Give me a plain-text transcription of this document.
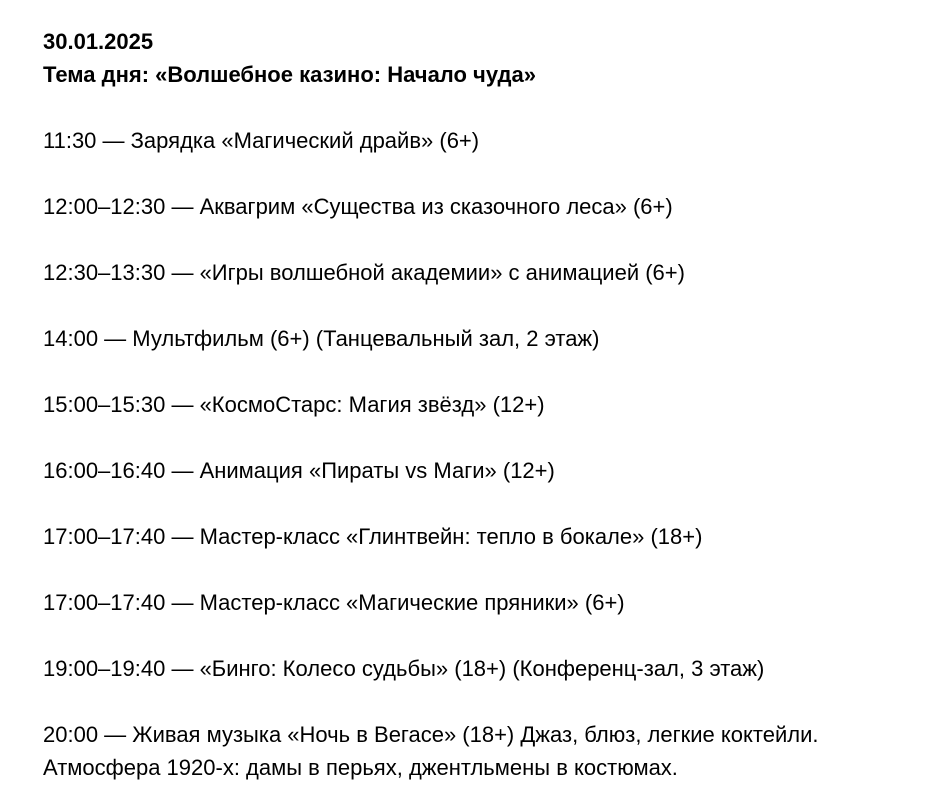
30.01.2025

Тема дня: «Волшебное казино: Начало чуда»

11:30 — Зарядка «Магический драйв» (6+)
12:00–12:30 — Аквагрим «Существа из сказочного леса» (6+)
12:30–13:30 — «Игры волшебной академии» с анимацией (6+)
14:00 — Мультфильм (6+) (Танцевальный зал, 2 этаж)
15:00–15:30 — «КосмоСтарс: Магия звёзд» (12+)
16:00–16:40 — Анимация «Пираты vs Маги» (12+)
17:00–17:40 — Мастер-класс «Глинтвейн: тепло в бокале» (18+)
17:00–17:40 — Мастер-класс «Магические пряники» (6+)
19:00–19:40 — «Бинго: Колесо судьбы» (18+) (Конференц-зал, 3 этаж)
20:00 — Живая музыка «Ночь в Вегасе» (18+) Джаз, блюз, легкие коктейли. Атмосфера 1920-х: дамы в перьях, джентльмены в костюмах.
